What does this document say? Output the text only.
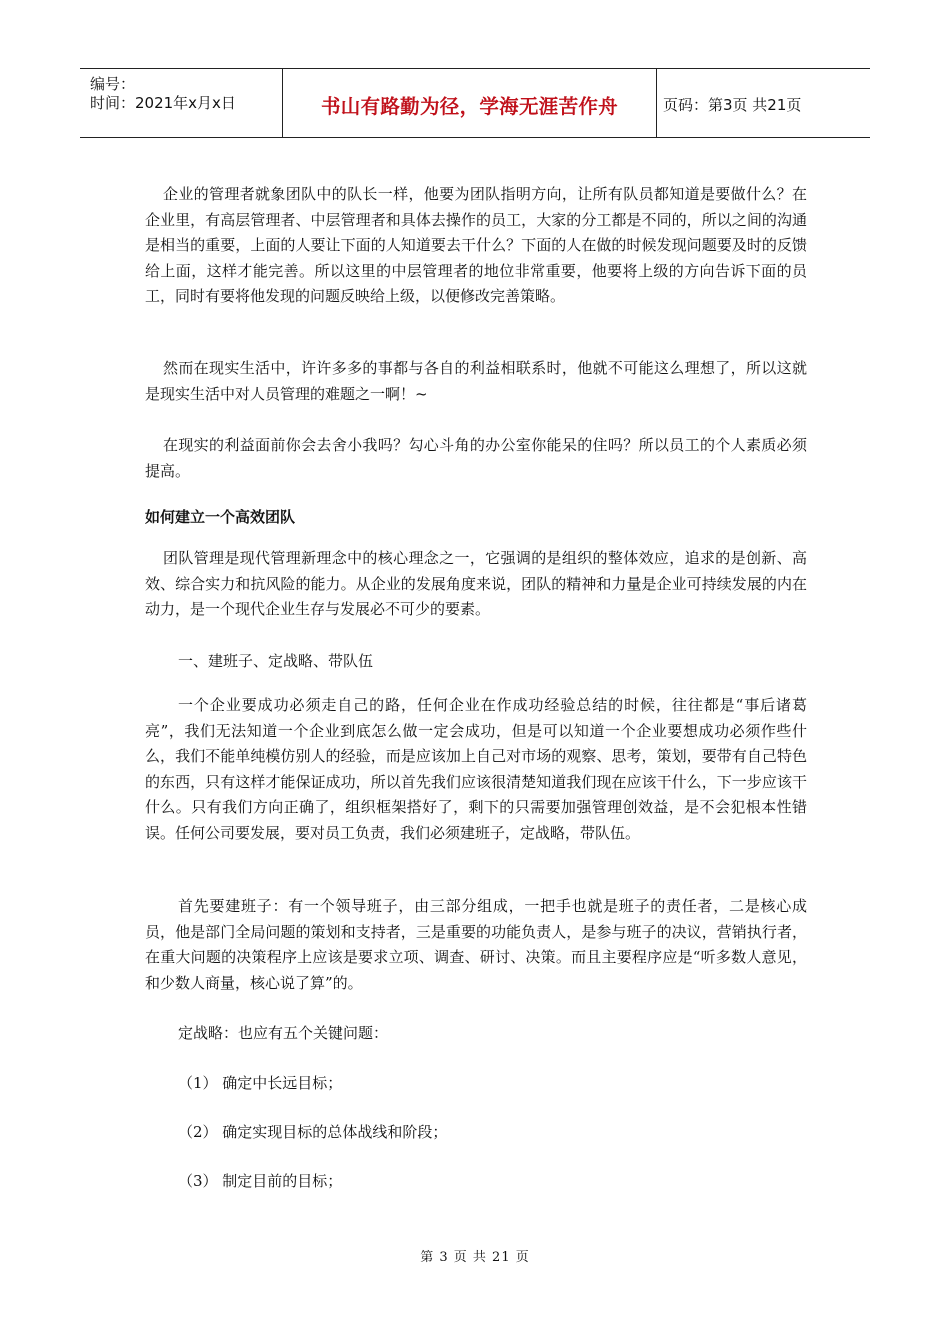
编号：
时间：2021年x月x日	书山有路勤为径，学海无涯苦作舟	页码：第3页 共21页

企业的管理者就象团队中的队长一样，他要为团队指明方向，让所有队员都知道是要做什么？在企业里，有高层管理者、中层管理者和具体去操作的员工，大家的分工都是不同的，所以之间的沟通是相当的重要，上面的人要让下面的人知道要去干什么？下面的人在做的时候发现问题要及时的反馈给上面，这样才能完善。所以这里的中层管理者的地位非常重要，他要将上级的方向告诉下面的员工，同时有要将他发现的问题反映给上级，以便修改完善策略。

然而在现实生活中，许许多多的事都与各自的利益相联系时，他就不可能这么理想了，所以这就是现实生活中对人员管理的难题之一啊！~

在现实的利益面前你会去舍小我吗？勾心斗角的办公室你能呆的住吗？所以员工的个人素质必须提高。

如何建立一个高效团队

团队管理是现代管理新理念中的核心理念之一，它强调的是组织的整体效应，追求的是创新、高效、综合实力和抗风险的能力。从企业的发展角度来说，团队的精神和力量是企业可持续发展的内在动力，是一个现代企业生存与发展必不可少的要素。

一、建班子、定战略、带队伍

一个企业要成功必须走自己的路，任何企业在作成功经验总结的时候，往往都是“事后诸葛亮”，我们无法知道一个企业到底怎么做一定会成功，但是可以知道一个企业要想成功必须作些什么，我们不能单纯模仿别人的经验，而是应该加上自己对市场的观察、思考，策划，要带有自己特色的东西，只有这样才能保证成功，所以首先我们应该很清楚知道我们现在应该干什么，下一步应该干什么。只有我们方向正确了，组织框架搭好了，剩下的只需要加强管理创效益，是不会犯根本性错误。任何公司要发展，要对员工负责，我们必须建班子，定战略，带队伍。

首先要建班子：有一个领导班子，由三部分组成，一把手也就是班子的责任者，二是核心成员，他是部门全局问题的策划和支持者，三是重要的功能负责人，是参与班子的决议，营销执行者，在重大问题的决策程序上应该是要求立项、调查、研讨、决策。而且主要程序应是“听多数人意见，和少数人商量，核心说了算”的。

定战略：也应有五个关键问题：

（1） 确定中长远目标；

（2） 确定实现目标的总体战线和阶段；

（3） 制定目前的目标；

第 3 页 共 21 页
